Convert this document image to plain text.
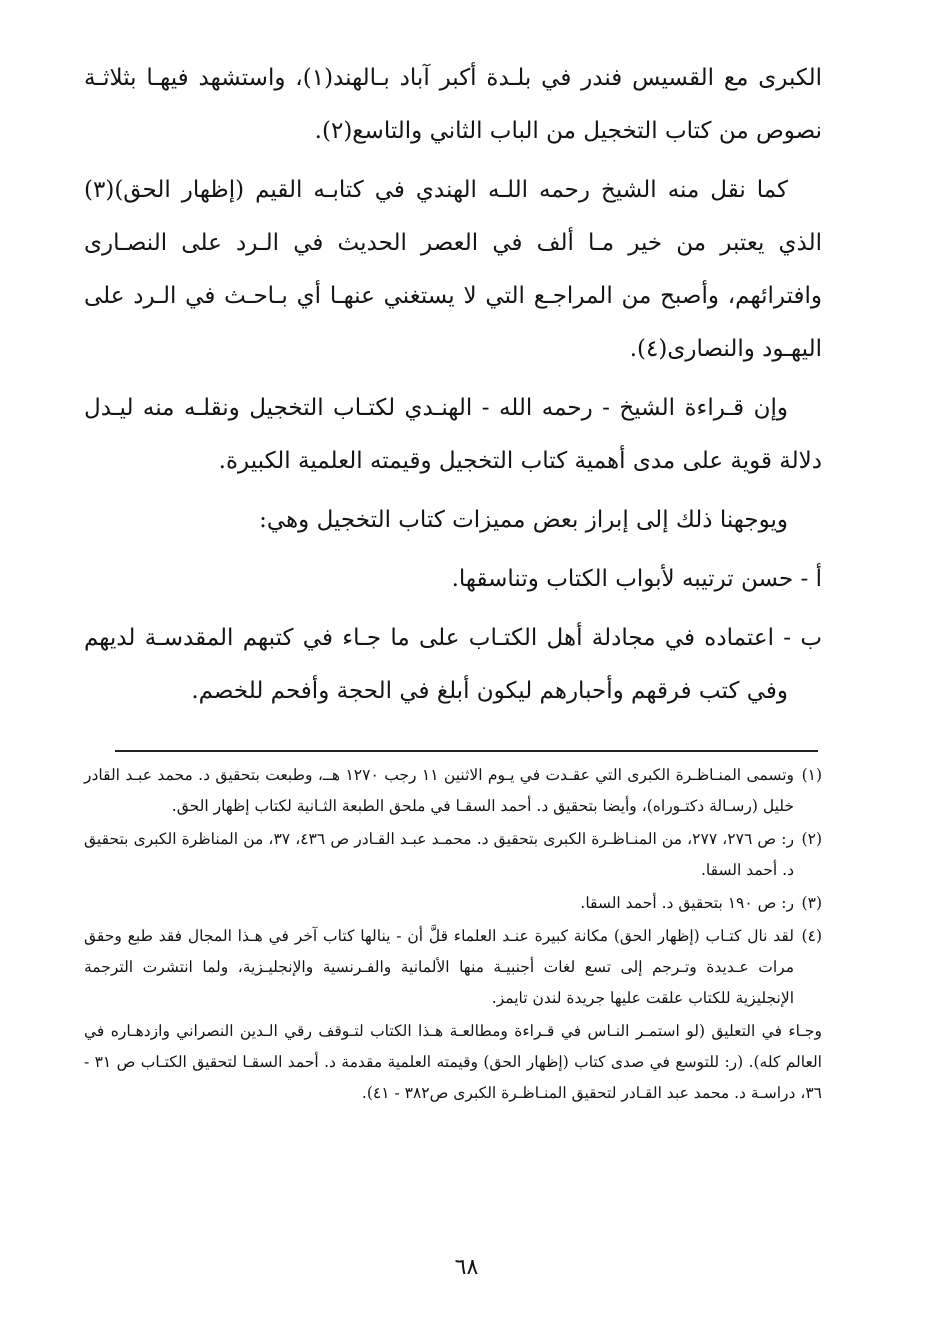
الكبرى مع القسيس فندر في بلـدة أكبر آباد بـالهند(١)، واستشهد فيهـا بثلاثـة نصوص من كتاب التخجيل من الباب الثاني والتاسع(٢).

كما نقل منه الشيخ رحمه اللـه الهندي في كتابـه القيم (إظهار الحق)(٣) الذي يعتبر من خير مـا ألف في العصر الحديث في الـرد على النصـارى وافترائهم، وأصبح من المراجـع التي لا يستغني عنهـا أي بـاحـث في الـرد على اليهـود والنصارى(٤).

وإن قـراءة الشيخ - رحمه الله - الهنـدي لكتـاب التخجيل ونقلـه منه ليـدل دلالة قوية على مدى أهمية كتاب التخجيل وقيمته العلمية الكبيرة.

ويوجهنا ذلك إلى إبراز بعض مميزات كتاب التخجيل وهي:

أ - حسن ترتيبه لأبواب الكتاب وتناسقها.

ب - اعتماده في مجادلة أهل الكتـاب على ما جـاء في كتبهم المقدسـة لديهم وفي كتب فرقهم وأحبارهم ليكون أبلغ في الحجة وأفحم للخصم.

(١)وتسمى المنـاظـرة الكبرى التي عقـدت في يـوم الاثنين ١١ رجب ١٢٧٠ هــ، وطبعت بتحقيق د. محمد عبـد القادر خليل (رسـالة دكتـوراه)، وأيضا بتحقيق د. أحمد السقـا في ملحق الطبعة الثـانية لكتاب إظهار الحق.

(٢)ر: ص ٢٧٦، ٢٧٧، من المنـاظـرة الكبرى بتحقيق د. محمـد عبـد القـادر ص ٤٣٦، ٣٧، من المناظرة الكبرى بتحقيق د. أحمد السقا.

(٣)ر: ص ١٩٠ بتحقيق د. أحمد السقا.

(٤)لقد نال كتـاب (إظهار الحق) مكانة كبيرة عنـد العلماء قلَّ أن - ينالها كتاب آخر في هـذا المجال فقد طبع وحقق مرات عـديدة وتـرجم إلى تسع لغات أجنبيـة منها الألمانية والفـرنسية والإنجليـزية، ولما انتشرت الترجمة الإنجليزية للكتاب علقت عليها جريدة لندن تايمز.

وجـاء في التعليق (لو استمـر النـاس في قـراءة ومطالعـة هـذا الكتاب لتـوقف رقي الـدين النصراني وازدهـاره في العالم كله). (ر: للتوسع في صدى كتاب (إظهار الحق) وقيمته العلمية مقدمة د. أحمد السقـا لتحقيق الكتـاب ص ٣١ - ٣٦، دراسـة د. محمد عبد القـادر لتحقيق المنـاظـرة الكبرى ص٣٨٢ - ٤١).

٦٨
